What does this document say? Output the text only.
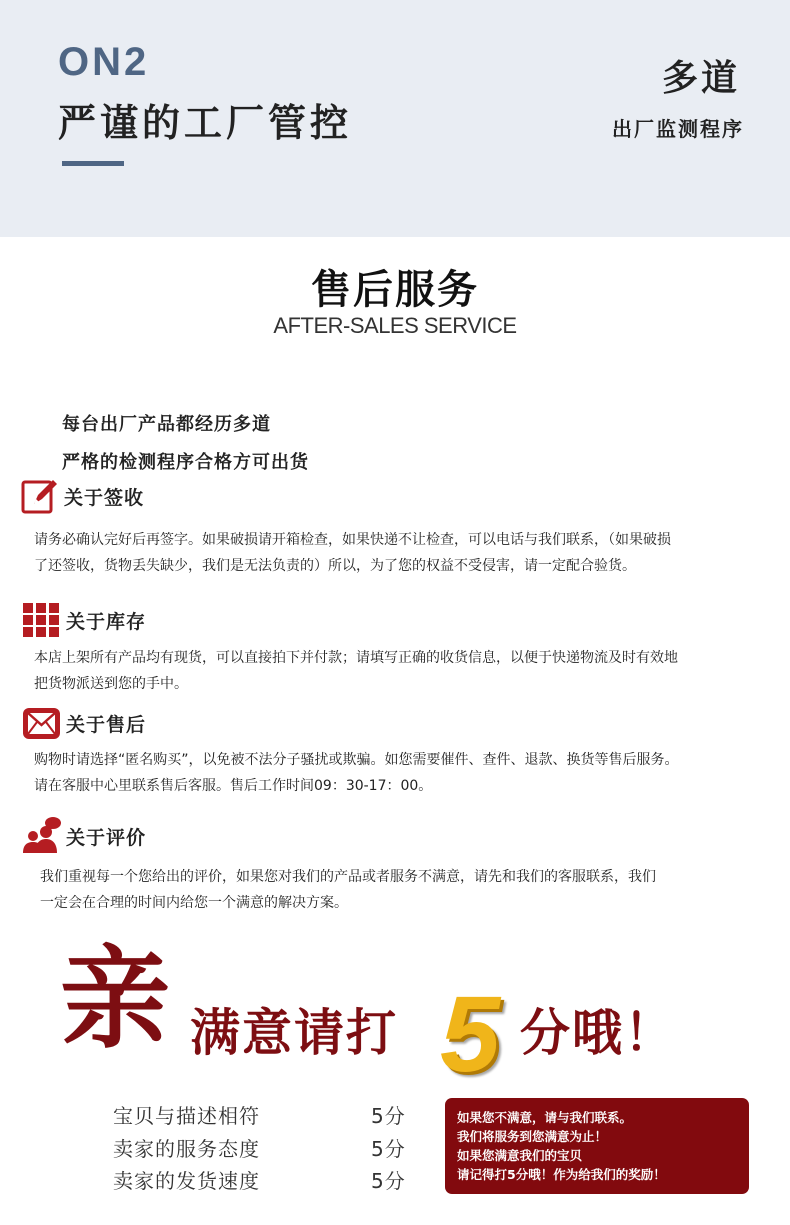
ON2
严谨的工厂管控
多道
出厂监测程序
售后服务
AFTER-SALES SERVICE
每台出厂产品都经历多道
严格的检测程序合格方可出货
关于签收
请务必确认完好后再签字。如果破损请开箱检查，如果快递不让检查，可以电话与我们联系，（如果破损
了还签收，货物丢失缺少，我们是无法负责的）所以，为了您的权益不受侵害，请一定配合验货。
关于库存
本店上架所有产品均有现货，可以直接拍下并付款；请填写正确的收货信息，以便于快递物流及时有效地
把货物派送到您的手中。
关于售后
购物时请选择“匿名购买”，以免被不法分子骚扰或欺骗。如您需要催件、查件、退款、换货等售后服务。
请在客服中心里联系售后客服。售后工作时间09：30-17：00。
关于评价
我们重视每一个您给出的评价，如果您对我们的产品或者服务不满意，请先和我们的客服联系，我们
一定会在合理的时间内给您一个满意的解决方案。
亲 满意请打 5 分哦！
宝贝与描述相符	5分
卖家的服务态度	5分
卖家的发货速度	5分
如果您不满意，请与我们联系。
我们将服务到您满意为止！
如果您满意我们的宝贝
请记得打5分哦！作为给我们的奖励！
